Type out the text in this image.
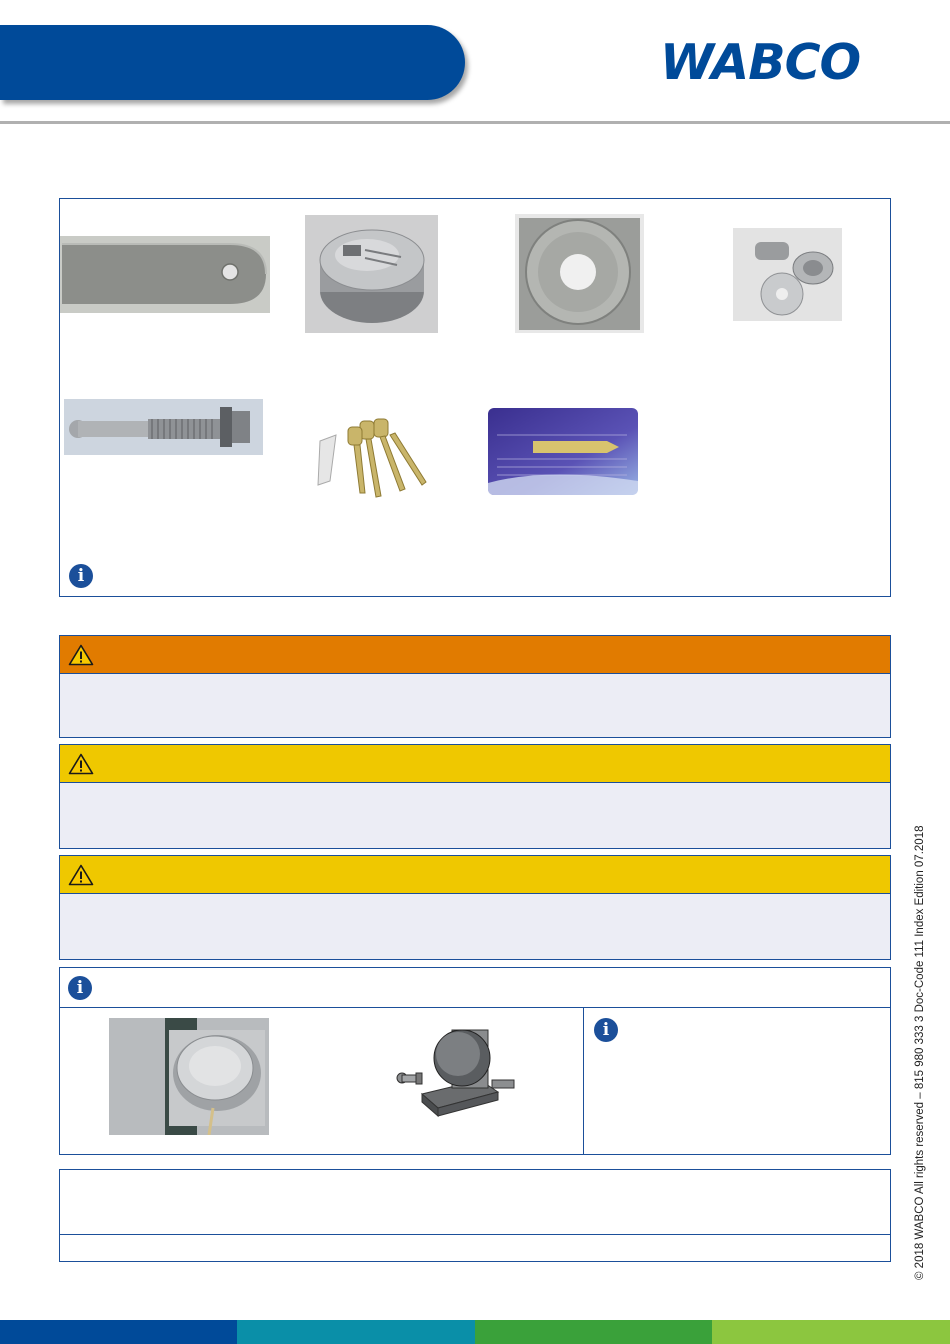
WABCO
i
i
i	© 2018 WABCO All rights reserved – 815 980 333 3 Doc-Code 111 Index Edition 07.2018
